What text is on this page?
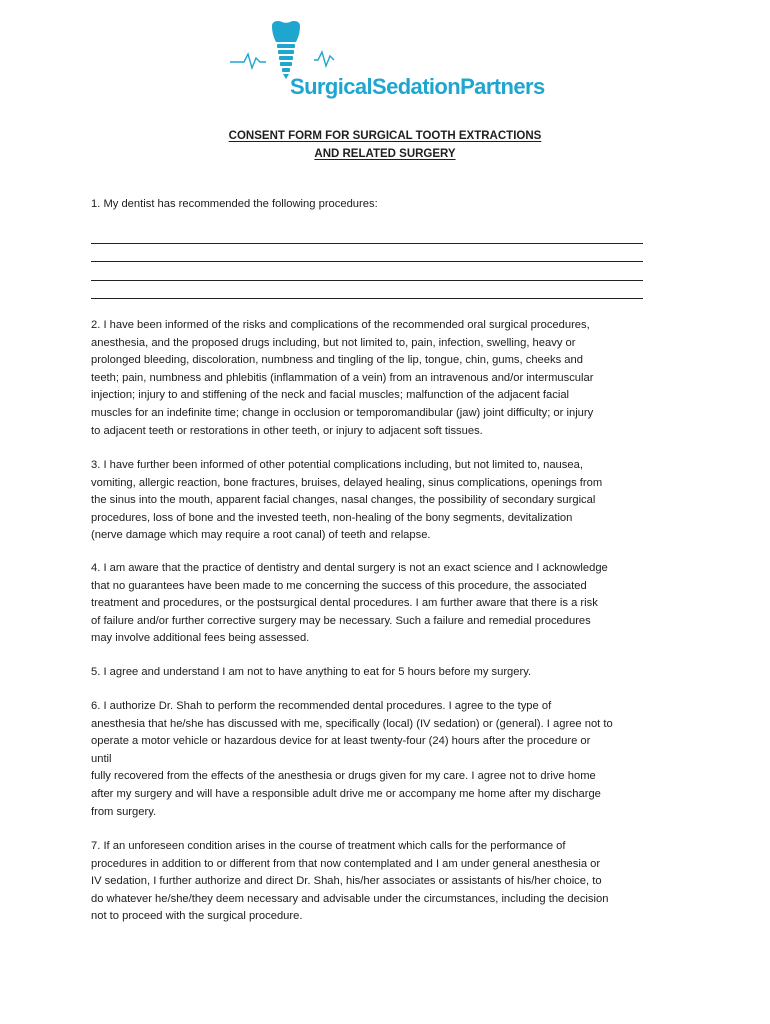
SurgicalSedationPartners
CONSENT FORM FOR SURGICAL TOOTH EXTRACTIONS
AND RELATED SURGERY
1. My dentist has recommended the following procedures:
2. I have been informed of the risks and complications of the recommended oral surgical procedures,
anesthesia, and the proposed drugs including, but not limited to, pain, infection, swelling, heavy or
prolonged bleeding, discoloration, numbness and tingling of the lip, tongue, chin, gums, cheeks and
teeth; pain, numbness and phlebitis (inflammation of a vein) from an intravenous and/or intermuscular
injection; injury to and stiffening of the neck and facial muscles; malfunction of the adjacent facial
muscles for an indefinite time; change in occlusion or temporomandibular (jaw) joint difficulty; or injury
to adjacent teeth or restorations in other teeth, or injury to adjacent soft tissues.
3. I have further been informed of other potential complications including, but not limited to, nausea,
vomiting, allergic reaction, bone fractures, bruises, delayed healing, sinus complications, openings from
the sinus into the mouth, apparent facial changes, nasal changes, the possibility of secondary surgical
procedures, loss of bone and the invested teeth, non-healing of the bony segments, devitalization
(nerve damage which may require a root canal) of teeth and relapse.
4. I am aware that the practice of dentistry and dental surgery is not an exact science and I acknowledge
that no guarantees have been made to me concerning the success of this procedure, the associated
treatment and procedures, or the postsurgical dental procedures. I am further aware that there is a risk
of failure and/or further corrective surgery may be necessary. Such a failure and remedial procedures
may involve additional fees being assessed.
5. I agree and understand I am not to have anything to eat for 5 hours before my surgery.
6. I authorize Dr. Shah to perform the recommended dental procedures. I agree to the type of
anesthesia that he/she has discussed with me, specifically (local) (IV sedation) or (general). I agree not to
operate a motor vehicle or hazardous device for at least twenty-four (24) hours after the procedure or
until
fully recovered from the effects of the anesthesia or drugs given for my care. I agree not to drive home
after my surgery and will have a responsible adult drive me or accompany me home after my discharge
from surgery.
7. If an unforeseen condition arises in the course of treatment which calls for the performance of
procedures in addition to or different from that now contemplated and I am under general anesthesia or
IV sedation, I further authorize and direct Dr. Shah, his/her associates or assistants of his/her choice, to
do whatever he/she/they deem necessary and advisable under the circumstances, including the decision
not to proceed with the surgical procedure.
